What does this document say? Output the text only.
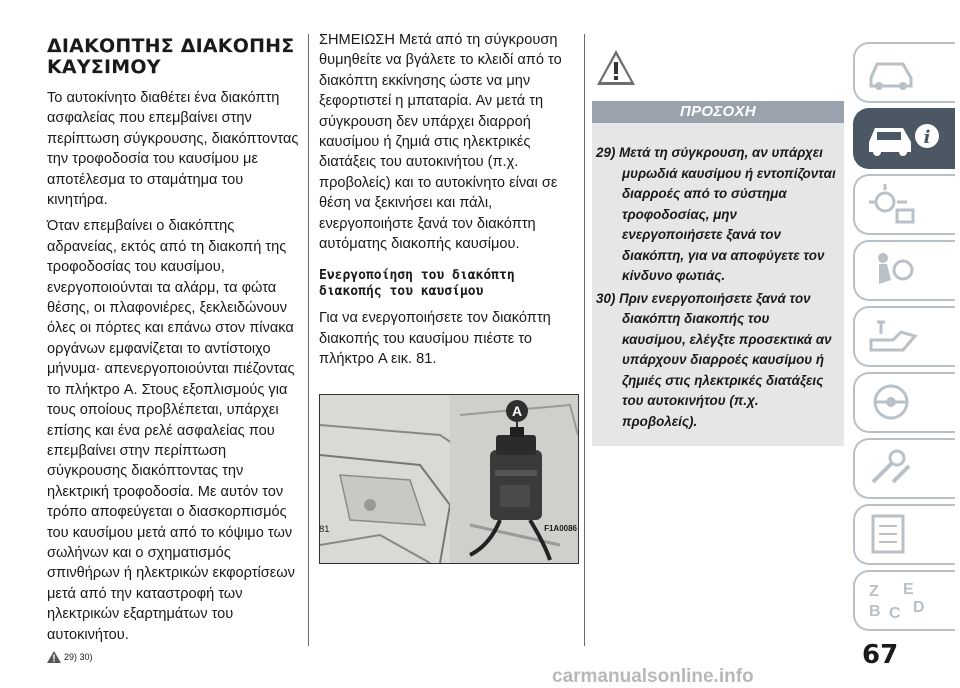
ΔΙΑΚΟΠΤΗΣ ΔΙΑΚΟΠΗΣ ΚΑΥΣΙΜΟΥ

Το αυτοκίνητο διαθέτει ένα διακόπτη ασφαλείας που επεμβαίνει στην περίπτωση σύγκρουσης, διακόπτοντας την τροφοδοσία του καυσίμου με αποτέλεσμα το σταμάτημα του κινητήρα.

Όταν επεμβαίνει ο διακόπτης αδρανείας, εκτός από τη διακοπή της τροφοδοσίας του καυσίμου, ενεργοποιούνται τα αλάρμ, τα φώτα θέσης, οι πλαφονιέρες, ξεκλειδώνουν όλες οι πόρτες και επάνω στον πίνακα οργάνων εμφανίζεται το αντίστοιχο μήνυμα· απενεργοποιούνται πιέζοντας το πλήκτρο A. Στους εξοπλισμούς για τους οποίους προβλέπεται, υπάρχει επίσης και ένα ρελέ ασφαλείας που επεμβαίνει στην περίπτωση σύγκρουσης διακόπτοντας την ηλεκτρική τροφοδοσία. Με αυτόν τον τρόπο αποφεύγεται ο διασκορπισμός του καυσίμου μετά από το κόψιμο των σωλήνων και ο σχηματισμός σπινθήρων ή ηλεκτρικών εκφορτίσεων μετά από την καταστροφή των ηλεκτρικών εξαρτημάτων του αυτοκινήτου.

29) 30)

ΣΗΜΕΙΩΣΗ Μετά από τη σύγκρουση θυμηθείτε να βγάλετε το κλειδί από το διακόπτη εκκίνησης ώστε να μην ξεφορτιστεί η μπαταρία. Αν μετά τη σύγκρουση δεν υπάρχει διαρροή καυσίμου ή ζημιά στις ηλεκτρικές διατάξεις του αυτοκινήτου (π.χ. προβολείς) και το αυτοκίνητο είναι σε θέση να ξεκινήσει και πάλι, ενεργοποιήστε ξανά τον διακόπτη αυτόματης διακοπής καυσίμου.

Ενεργοποίηση του διακόπτη διακοπής του καυσίμου

Για να ενεργοποιήσετε τον διακόπτη διακοπής του καυσίμου πιέστε το πλήκτρο A εικ. 81.

A
81	F1A0086
ΠΡΟΣΟΧΗ
29) Μετά τη σύγκρουση, αν υπάρχει μυρωδιά καυσίμου ή εντοπίζονται διαρροές από το σύστημα τροφοδοσίας, μην ενεργοποιήσετε ξανά τον διακόπτη, για να αποφύγετε τον κίνδυνο φωτιάς.
30) Πριν ενεργοποιήσετε ξανά τον διακόπτη διακοπής του καυσίμου, ελέγξτε προσεκτικά αν υπάρχουν διαρροές καυσίμου ή ζημιές στις ηλεκτρικές διατάξεις του αυτοκινήτου (π.χ. προβολείς).
i
Z E
B C D
67
carmanualsonline.info
